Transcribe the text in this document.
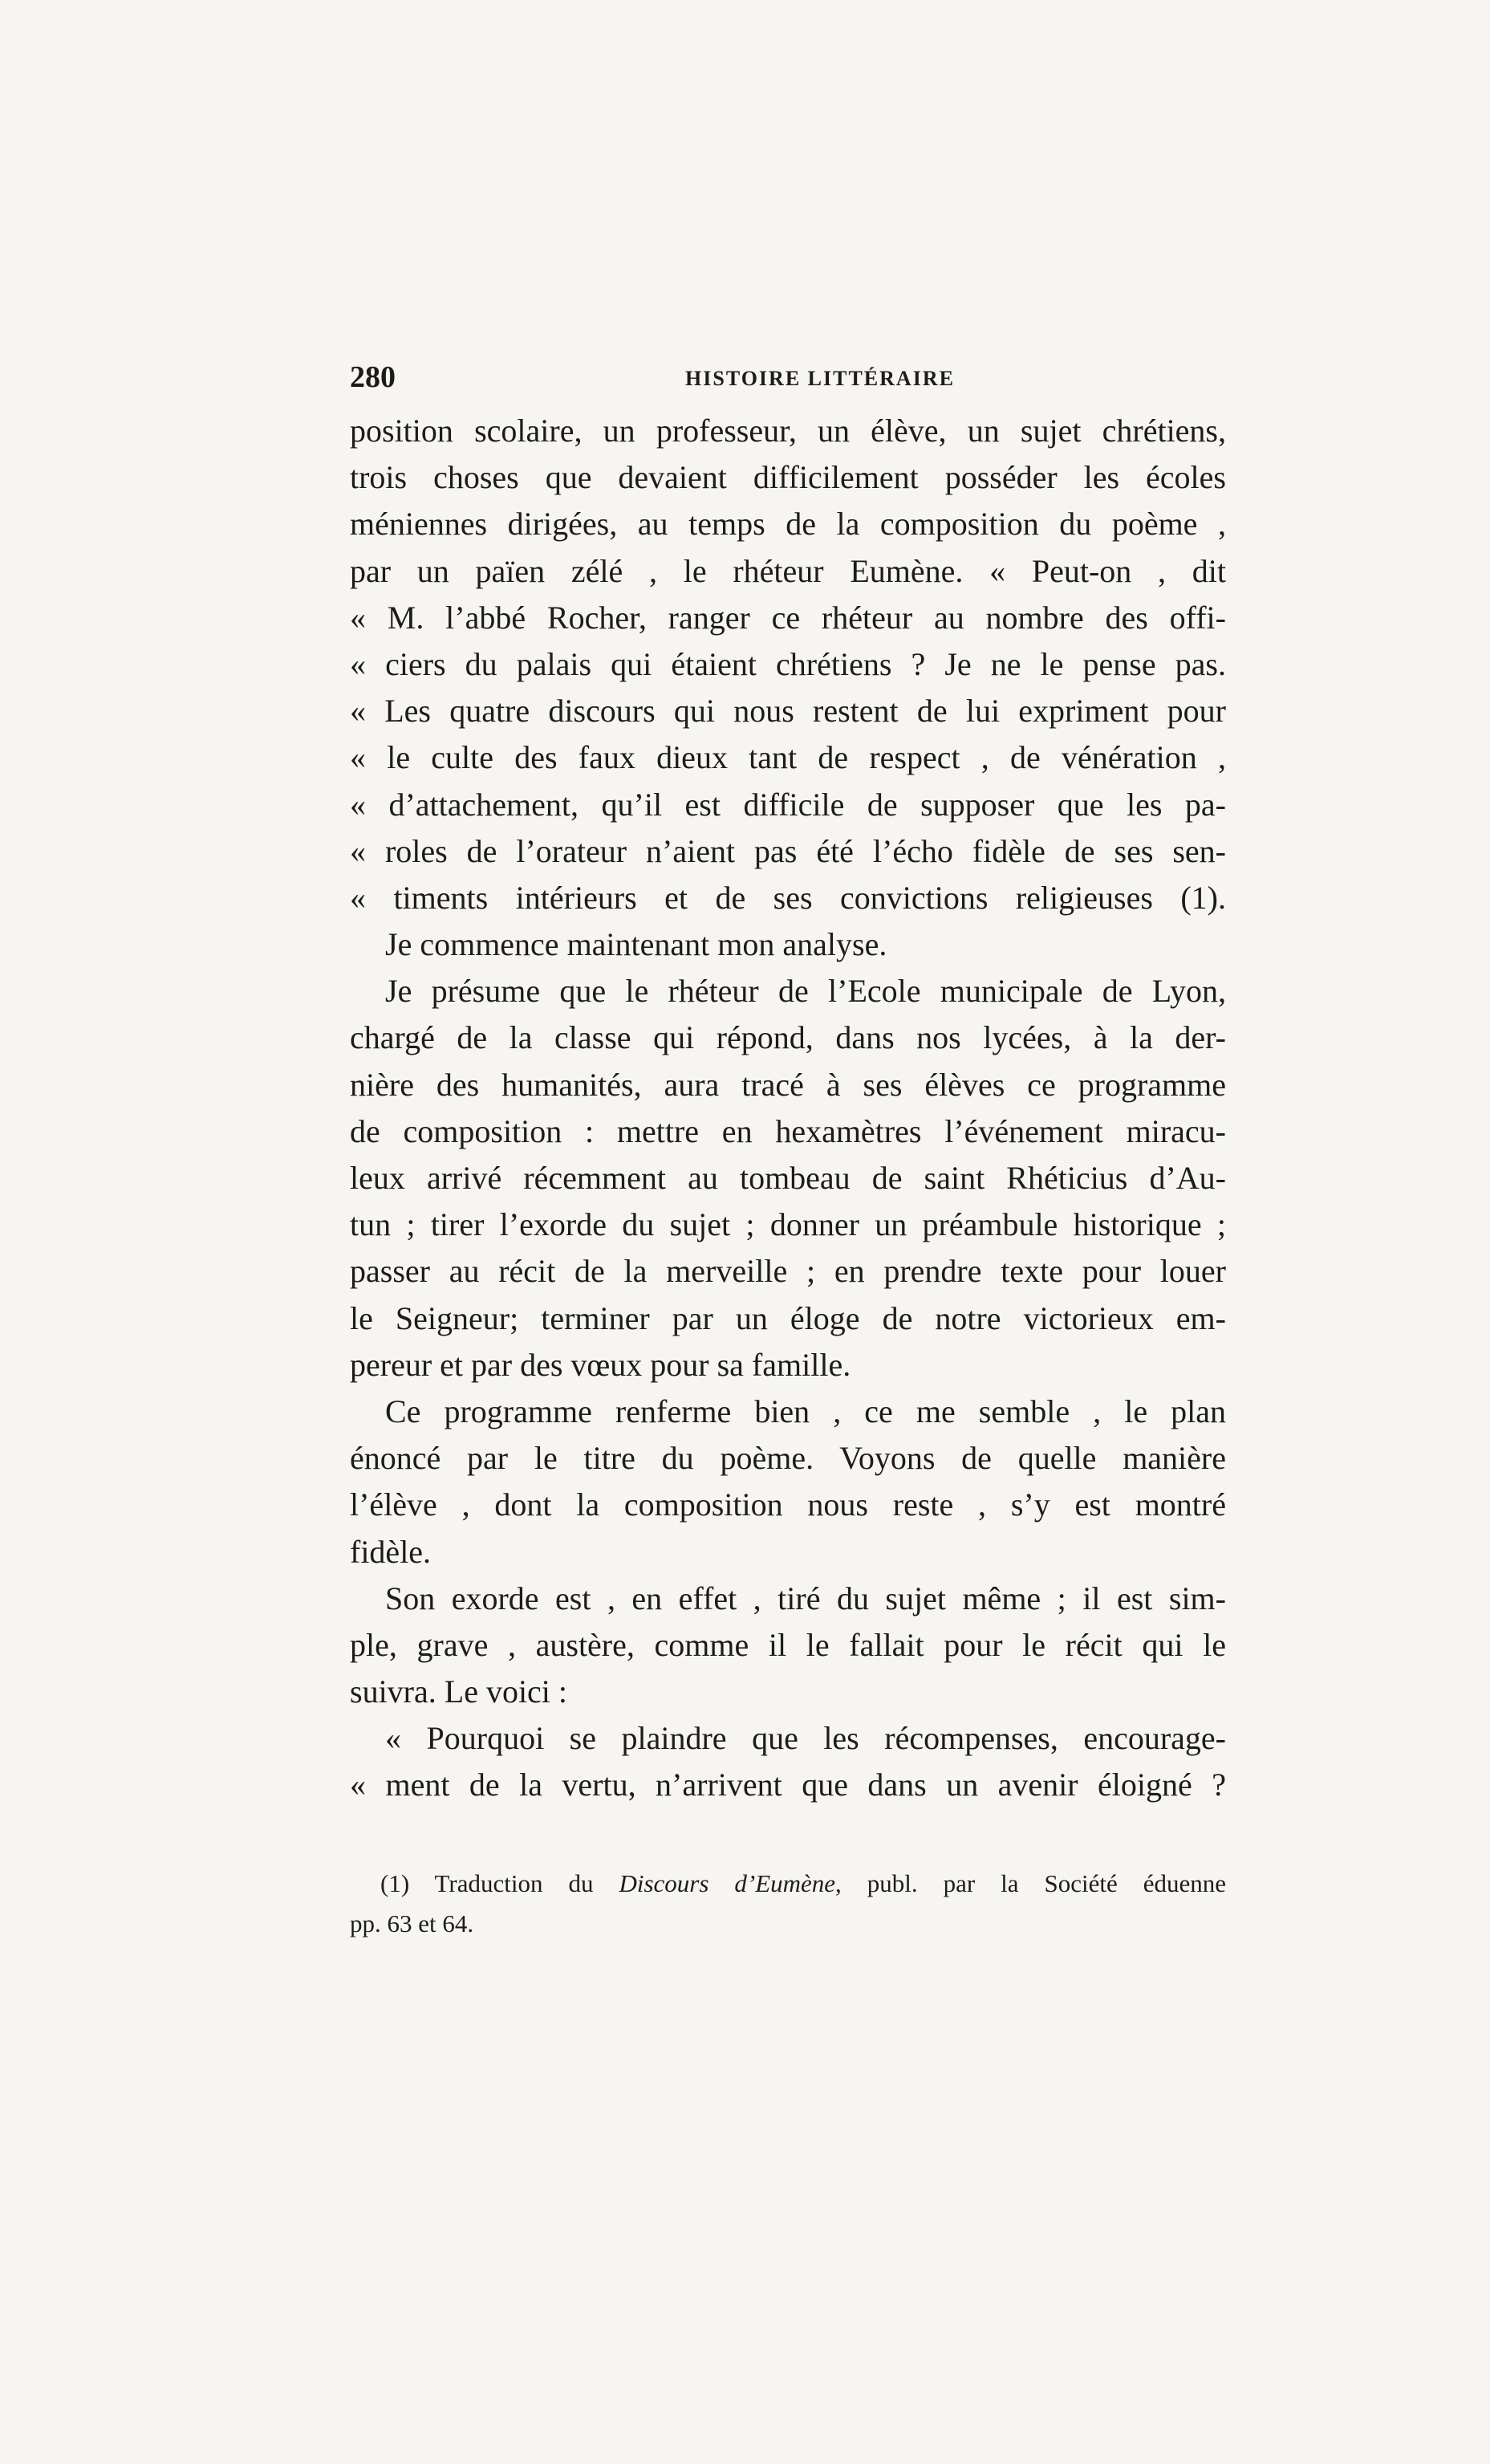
280	HISTOIRE LITTÉRAIRE
position scolaire, un professeur, un élève, un sujet chrétiens,
trois choses que devaient difficilement posséder les écoles
méniennes dirigées, au temps de la composition du poème ,
par un païen zélé , le rhéteur Eumène. « Peut-on , dit
« M. l’abbé Rocher, ranger ce rhéteur au nombre des offi-
« ciers du palais qui étaient chrétiens ? Je ne le pense pas.
« Les quatre discours qui nous restent de lui expriment pour
« le culte des faux dieux tant de respect , de vénération ,
« d’attachement, qu’il est difficile de supposer que les pa-
« roles de l’orateur n’aient pas été l’écho fidèle de ses sen-
« timents intérieurs et de ses convictions religieuses (1).
Je commence maintenant mon analyse.
Je présume que le rhéteur de l’Ecole municipale de Lyon,
chargé de la classe qui répond, dans nos lycées, à la der-
nière des humanités, aura tracé à ses élèves ce programme
de composition : mettre en hexamètres l’événement miracu-
leux arrivé récemment au tombeau de saint Rhéticius d’Au-
tun ; tirer l’exorde du sujet ; donner un préambule historique ;
passer au récit de la merveille ; en prendre texte pour louer
le Seigneur; terminer par un éloge de notre victorieux em-
pereur et par des vœux pour sa famille.
Ce programme renferme bien , ce me semble , le plan
énoncé par le titre du poème. Voyons de quelle manière
l’élève , dont la composition nous reste , s’y est montré
fidèle.
Son exorde est , en effet , tiré du sujet même ; il est sim-
ple, grave , austère, comme il le fallait pour le récit qui le
suivra. Le voici :
« Pourquoi se plaindre que les récompenses, encourage-
« ment de la vertu, n’arrivent que dans un avenir éloigné ?
(1) Traduction du Discours d’Eumène, publ. par la Société éduenne
pp. 63 et 64.
